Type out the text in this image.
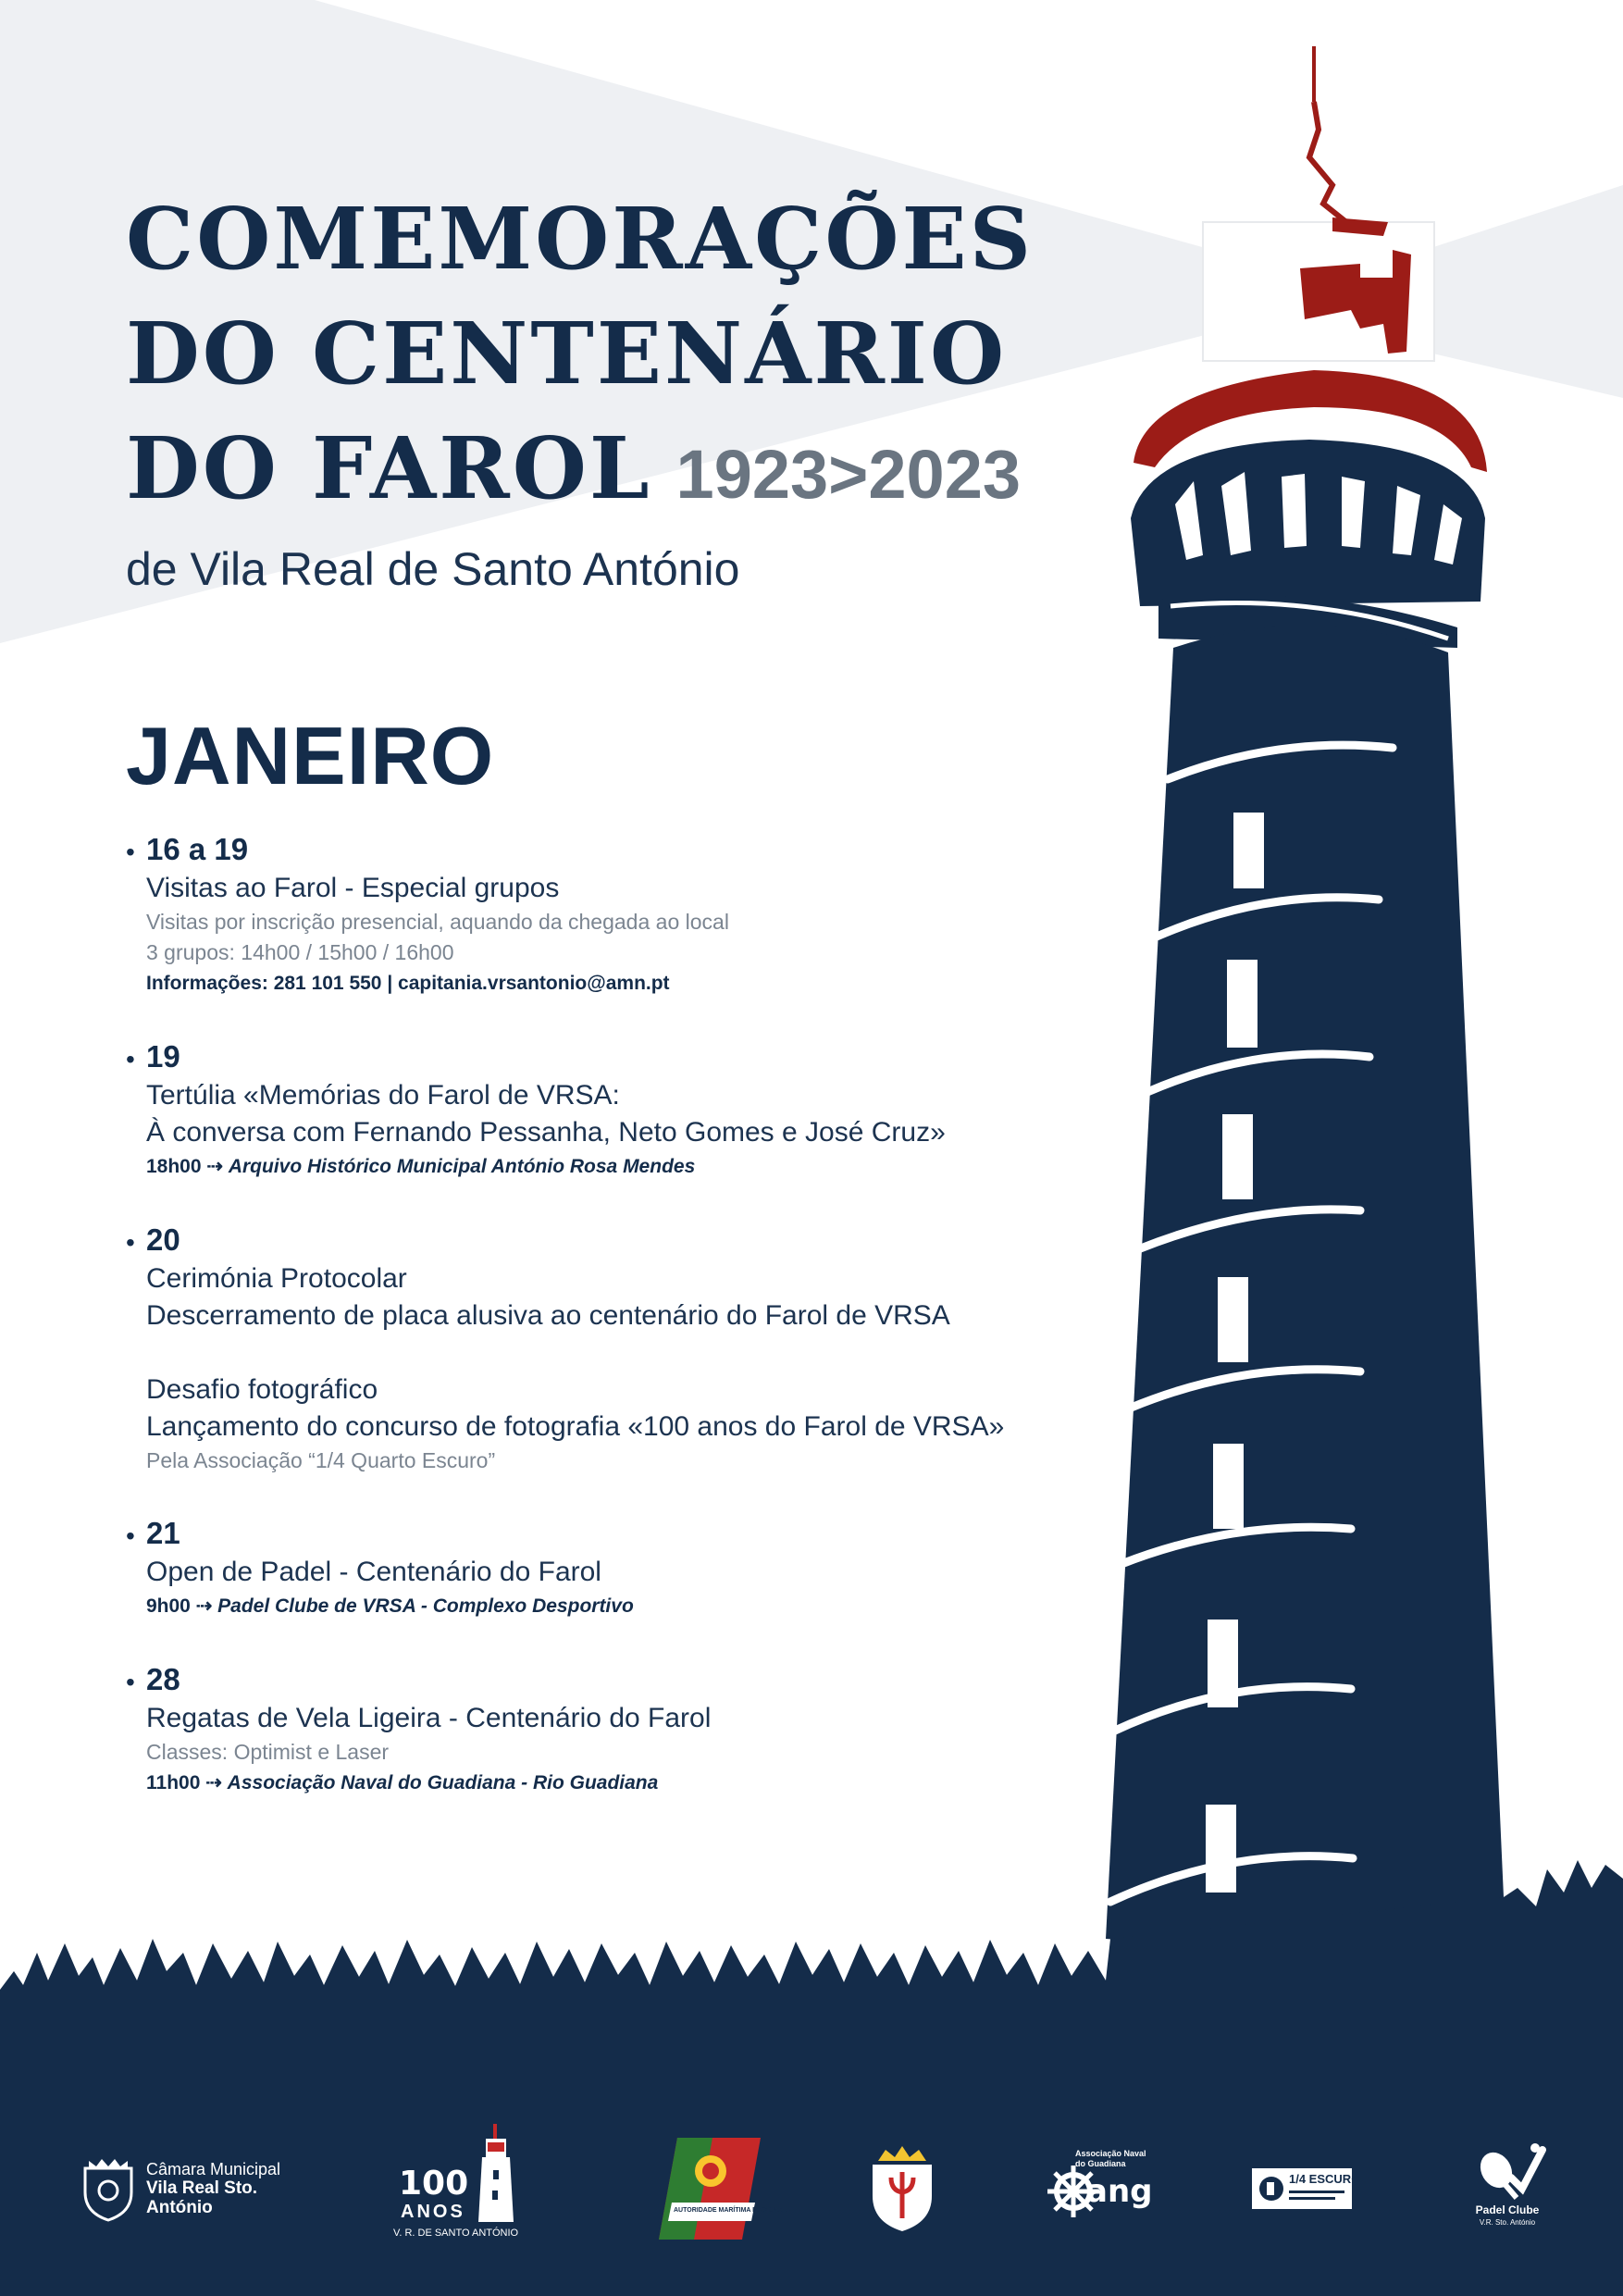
COMEMORAÇÕES
DO CENTENÁRIO
DO FAROL 1923>2023

de Vila Real de Santo António

JANEIRO
• 16 a 19
Visitas ao Farol - Especial grupos
Visitas por inscrição presencial, aquando da chegada ao local
3 grupos: 14h00 / 15h00 / 16h00
Informações: 281 101 550 | capitania.vrsantonio@amn.pt
• 19
Tertúlia «Memórias do Farol de VRSA:
À conversa com Fernando Pessanha, Neto Gomes e José Cruz»
18h00 ⇢ Arquivo Histórico Municipal António Rosa Mendes
• 20
Cerimónia Protocolar
Descerramento de placa alusiva ao centenário do Farol de VRSA
Desafio fotográfico
Lançamento do concurso de fotografia «100 anos do Farol de VRSA»
Pela Associação “1/4 Quarto Escuro”
• 21
Open de Padel - Centenário do Farol
9h00 ⇢ Padel Clube de VRSA - Complexo Desportivo
• 28
Regatas de Vela Ligeira - Centenário do Farol
Classes: Optimist e Laser
11h00 ⇢ Associação Naval do Guadiana - Rio Guadiana
Câmara Municipal
Vila Real Sto. António
100
ANOS
V. R. DE SANTO ANTÓNIO
AUTORIDADE MARÍTIMA NACIONAL
Associação Naval
do Guadiana
ang	1/4 ESCURO
Padel Clube
V.R. Sto. António
